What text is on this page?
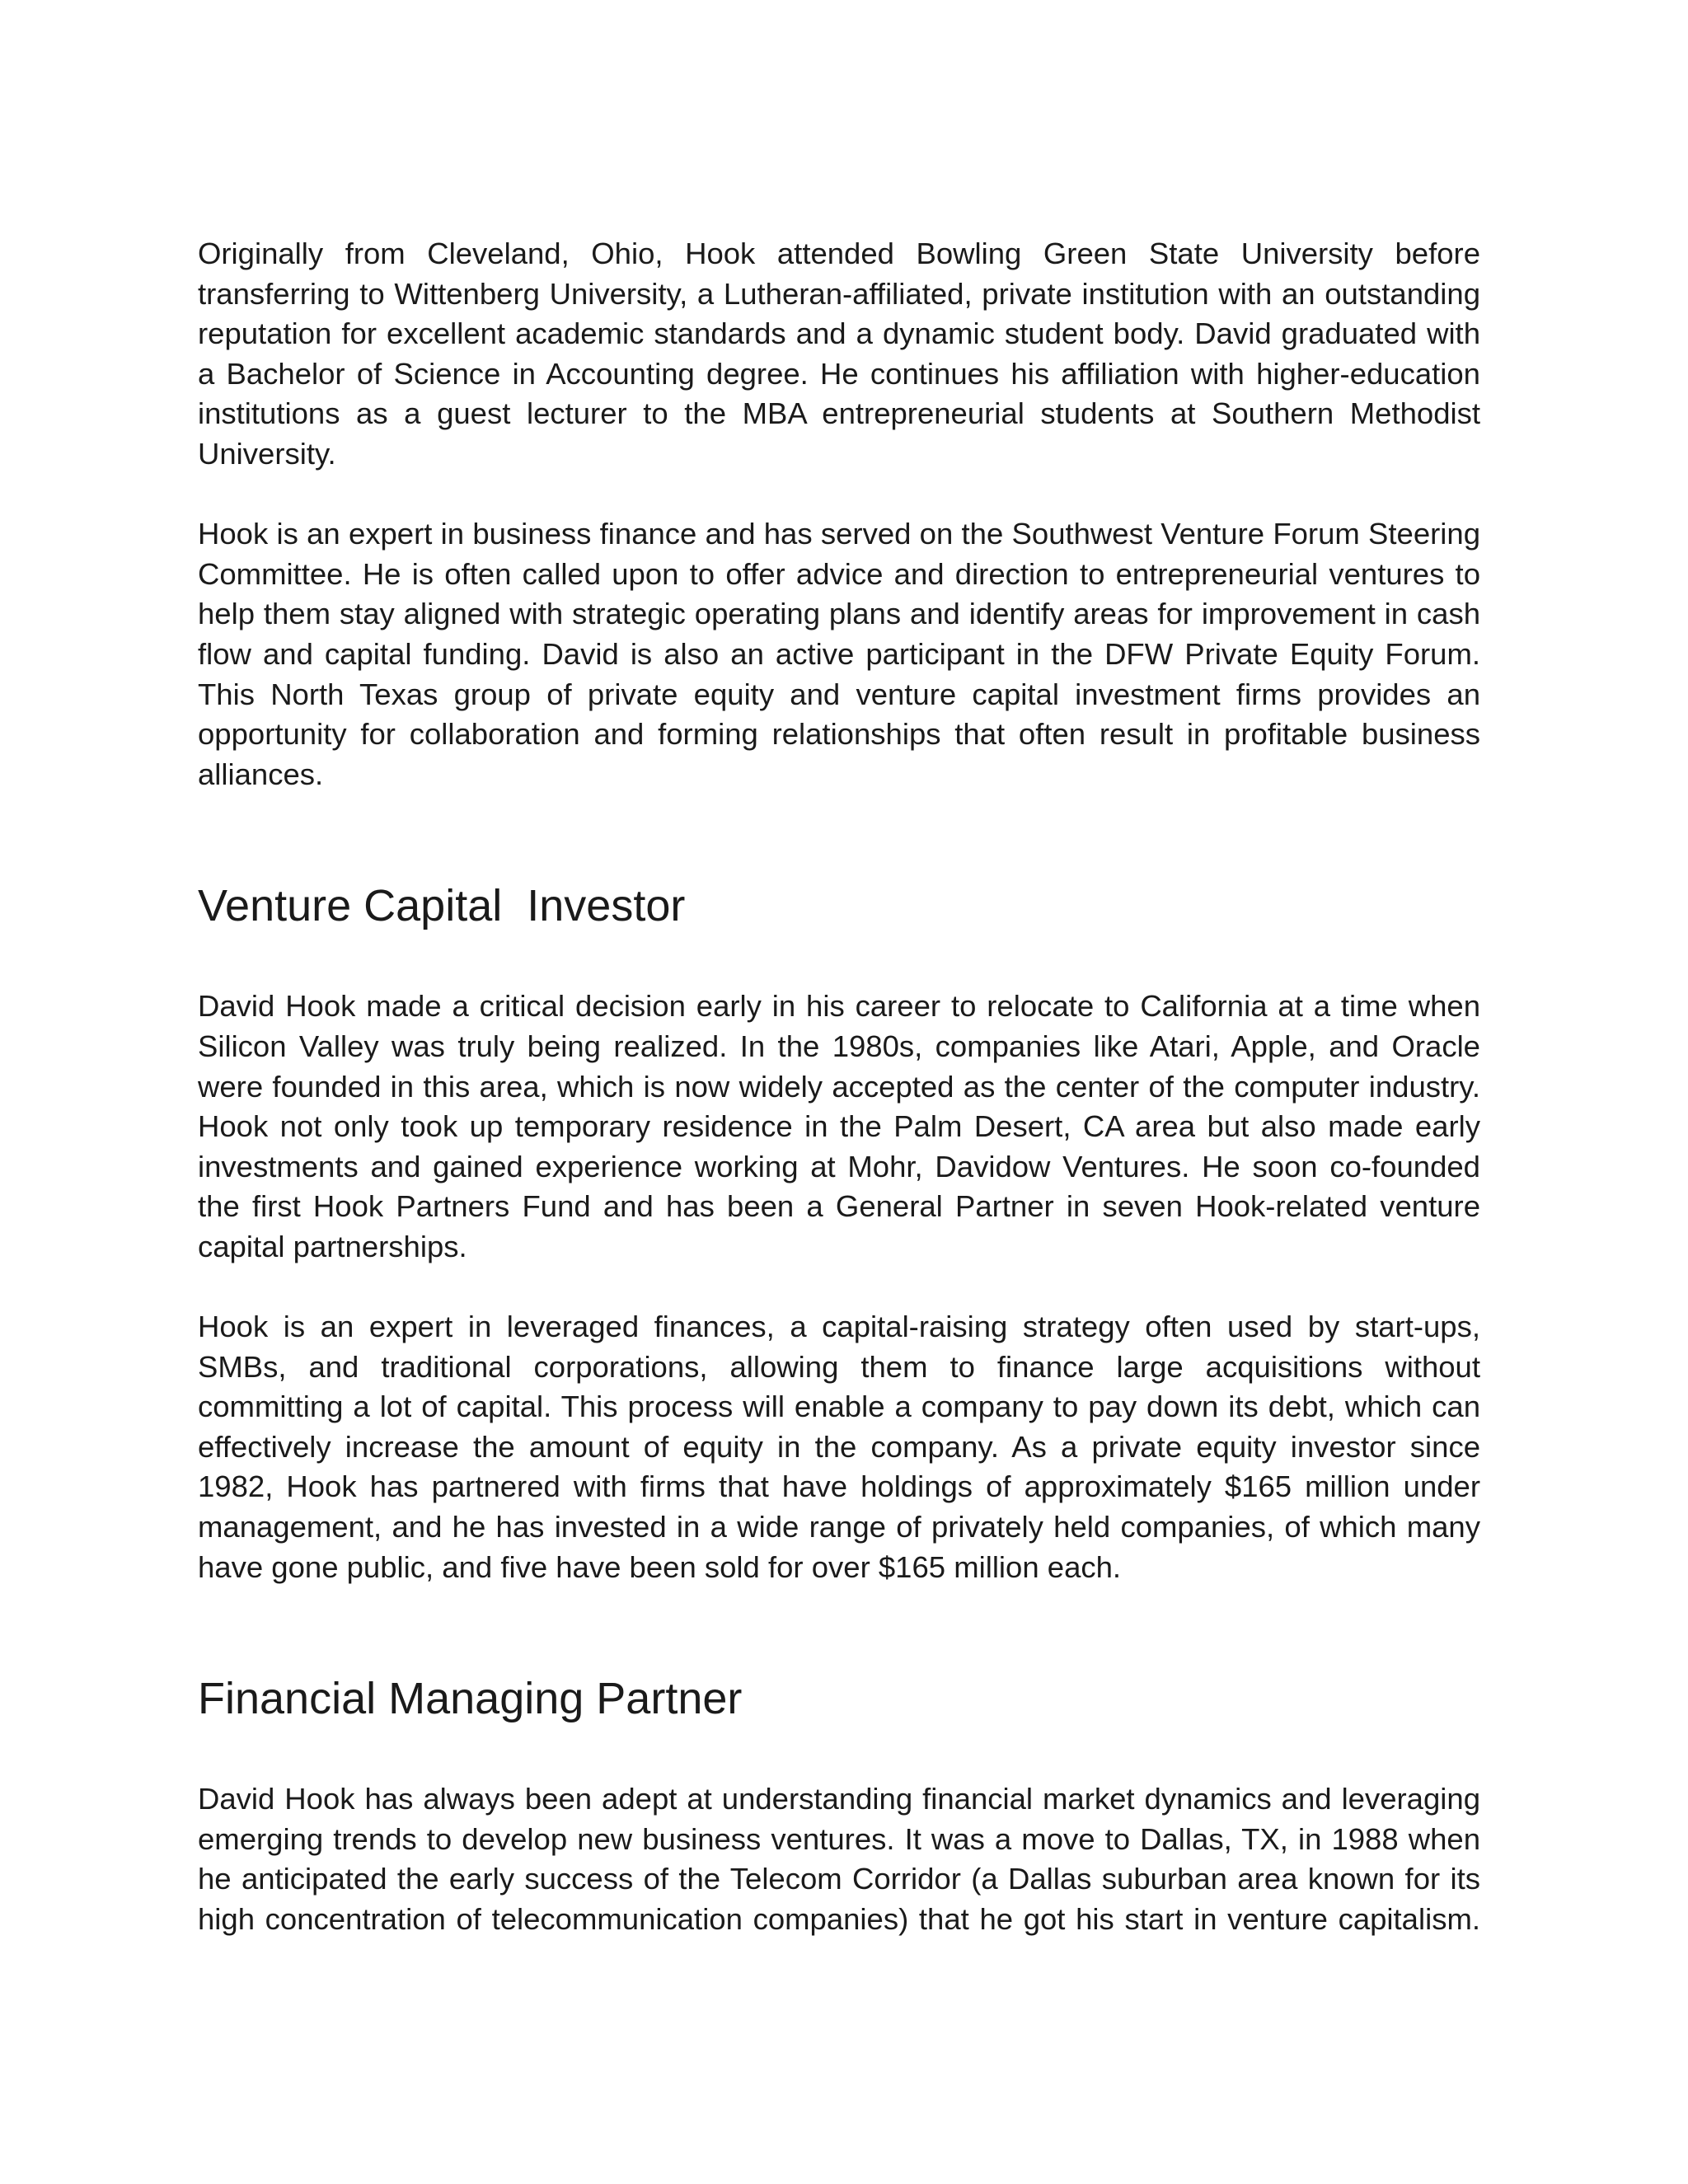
Originally from Cleveland, Ohio, Hook attended Bowling Green State University before transferring to Wittenberg University, a Lutheran-affiliated, private institution with an outstanding reputation for excellent academic standards and a dynamic student body. David graduated with a Bachelor of Science in Accounting degree. He continues his affiliation with higher-education institutions as a guest lecturer to the MBA entrepreneurial students at Southern Methodist University.

Hook is an expert in business finance and has served on the Southwest Venture Forum Steering Committee. He is often called upon to offer advice and direction to entrepreneurial ventures to help them stay aligned with strategic operating plans and identify areas for improvement in cash flow and capital funding. David is also an active participant in the DFW Private Equity Forum. This North Texas group of private equity and venture capital investment firms provides an opportunity for collaboration and forming relationships that often result in profitable business alliances.

Venture Capital  Investor

David Hook made a critical decision early in his career to relocate to California at a time when Silicon Valley was truly being realized. In the 1980s, companies like Atari, Apple, and Oracle were founded in this area, which is now widely accepted as the center of the computer industry. Hook not only took up temporary residence in the Palm Desert, CA area but also made early investments and gained experience working at Mohr, Davidow Ventures. He soon co-founded the first Hook Partners Fund and has been a General Partner in seven Hook-related venture capital partnerships.

Hook is an expert in leveraged finances, a capital-raising strategy often used by start-ups, SMBs, and traditional corporations, allowing them to finance large acquisitions without committing a lot of capital. This process will enable a company to pay down its debt, which can effectively increase the amount of equity in the company. As a private equity investor since 1982, Hook has partnered with firms that have holdings of approximately $165 million under management, and he has invested in a wide range of privately held companies, of which many have gone public, and five have been sold for over $165 million each.

Financial Managing Partner

David Hook has always been adept at understanding financial market dynamics and leveraging emerging trends to develop new business ventures. It was a move to Dallas, TX, in 1988 when he anticipated the early success of the Telecom Corridor (a Dallas suburban area known for its high concentration of telecommunication companies) that he got his start in venture capitalism.
